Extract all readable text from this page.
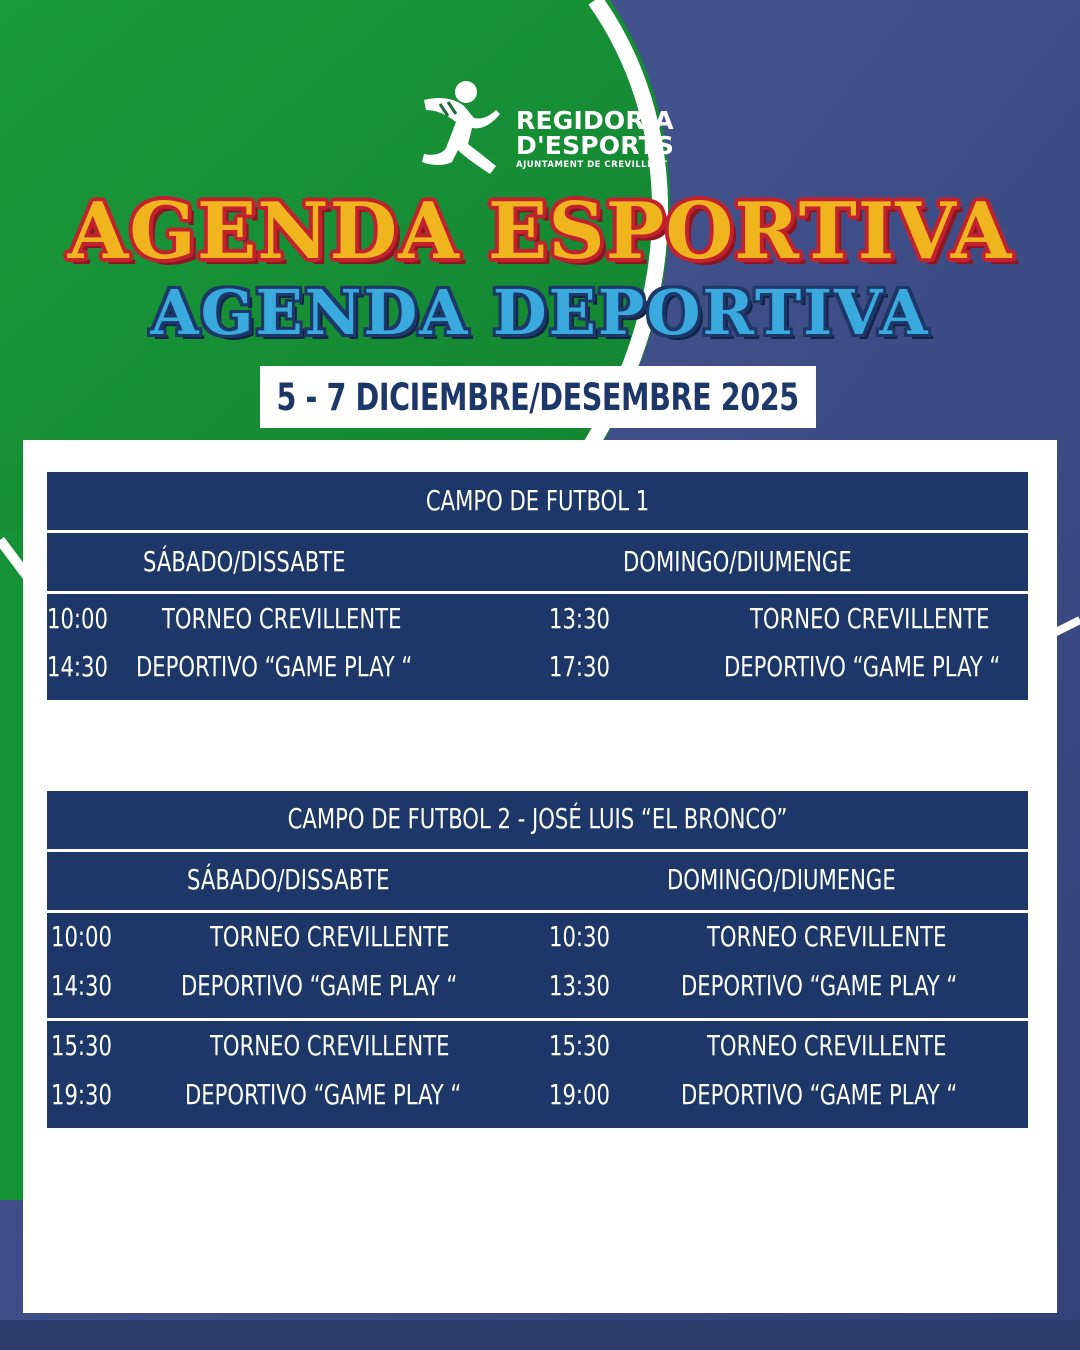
REGIDORIA
D'ESPORTS
AJUNTAMENT DE CREVILLENT
AGENDA ESPORTIVA
AGENDA DEPORTIVA
5 - 7 DICIEMBRE/DESEMBRE 2025
CAMPO DE FUTBOL 1
SÁBADO/DISSABTE	DOMINGO/DIUMENGE
10:00 TORNEO CREVILLENTE	13:30	TORNEO CREVILLENTE
14:30 DEPORTIVO “GAME PLAY “	17:30	DEPORTIVO “GAME PLAY “
CAMPO DE FUTBOL 2 - JOSÉ LUIS “EL BRONCO”
SÁBADO/DISSABTE	DOMINGO/DIUMENGE
10:00	TORNEO CREVILLENTE	10:30	TORNEO CREVILLENTE
14:30 DEPORTIVO “GAME PLAY “	13:30	DEPORTIVO “GAME PLAY “
15:30	TORNEO CREVILLENTE	15:30	TORNEO CREVILLENTE
19:30	DEPORTIVO “GAME PLAY “	19:00	DEPORTIVO “GAME PLAY “
